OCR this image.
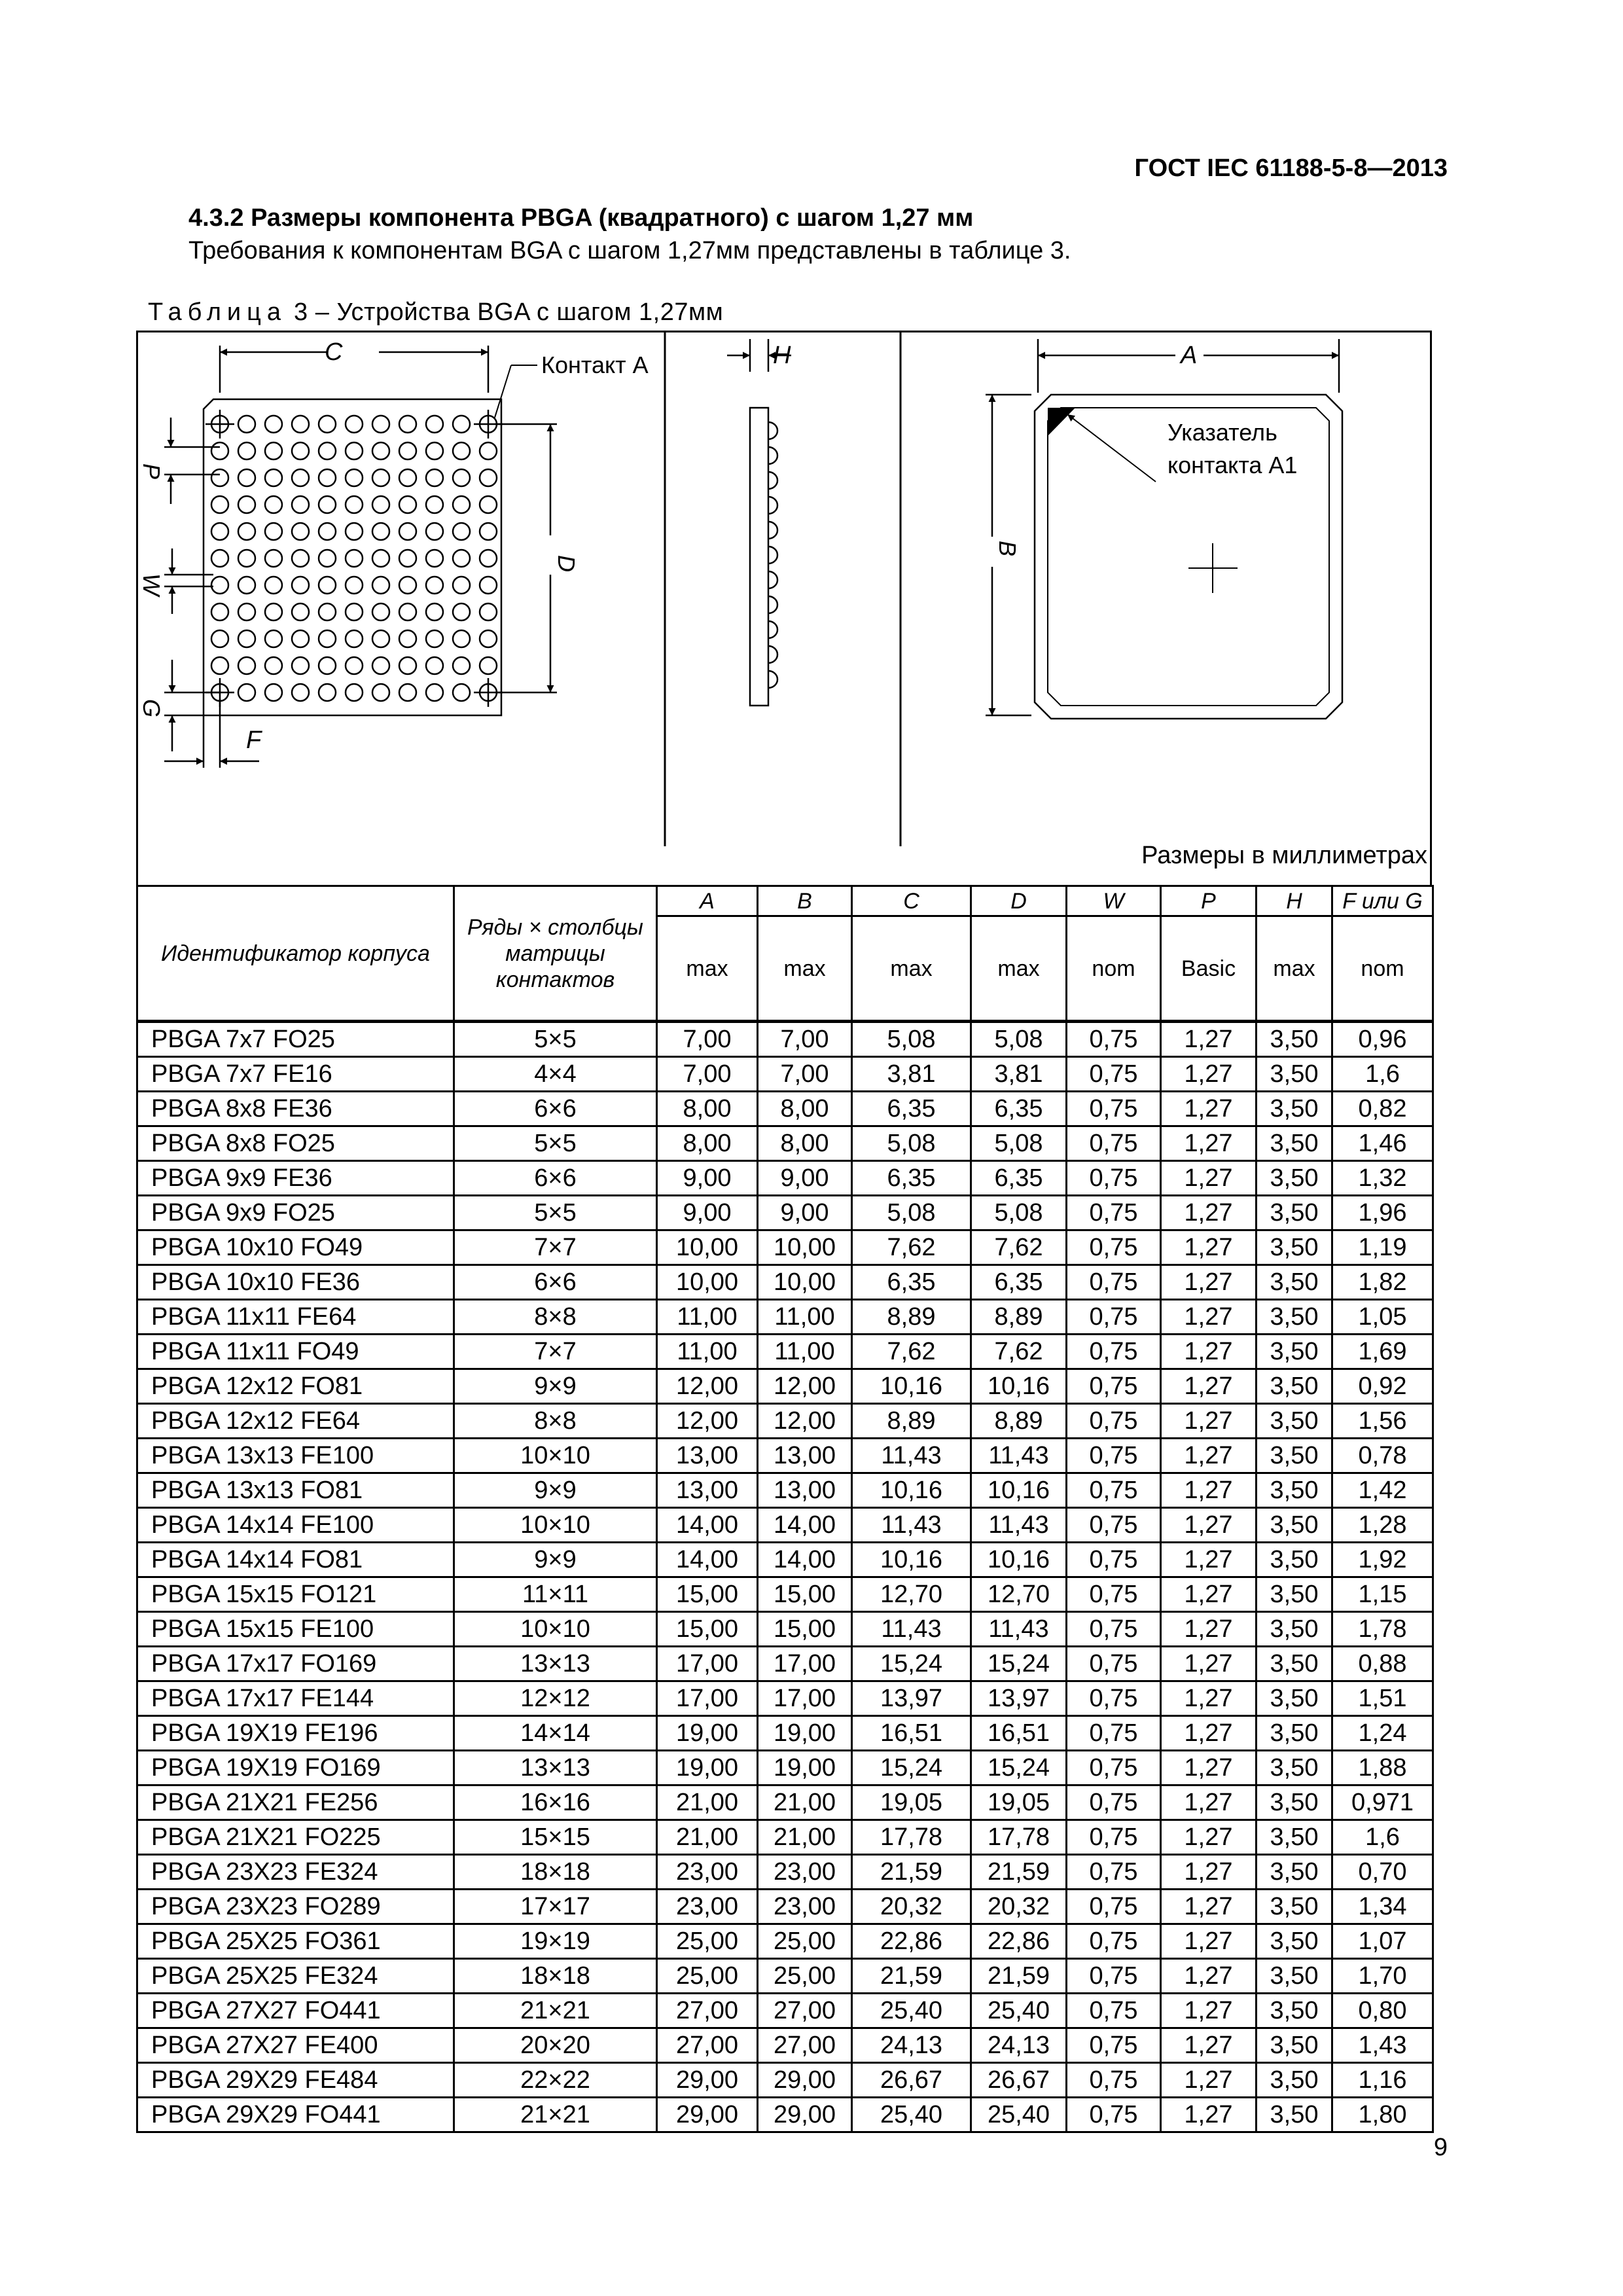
ГОСТ IEC 61188-5-8—2013
4.3.2 Размеры компонента PBGA (квадратного) с шагом 1,27 мм
Требования к компонентам BGA с шагом 1,27мм представлены в таблице 3.
Таблица 3 – Устройства BGA с шагом 1,27мм
C	Контакт A
D
P
W
G
F
H
Указатель
контакта A1
A
B
Размеры в миллиметрах
Идентификатор корпуса	Ряды × столбцы матрицы контактов	A	B	C	D	W	P	H	F или G
		max	max	max	max	nom	Basic	max	nom
PBGA 7x7 FO25	5×5	7,00	7,00	5,08	5,08	0,75	1,27	3,50	0,96
PBGA 7x7 FE16	4×4	7,00	7,00	3,81	3,81	0,75	1,27	3,50	1,6
PBGA 8x8 FE36	6×6	8,00	8,00	6,35	6,35	0,75	1,27	3,50	0,82
PBGA 8x8 FO25	5×5	8,00	8,00	5,08	5,08	0,75	1,27	3,50	1,46
PBGA 9x9 FE36	6×6	9,00	9,00	6,35	6,35	0,75	1,27	3,50	1,32
PBGA 9x9 FO25	5×5	9,00	9,00	5,08	5,08	0,75	1,27	3,50	1,96
PBGA 10x10 FO49	7×7	10,00	10,00	7,62	7,62	0,75	1,27	3,50	1,19
PBGA 10x10 FE36	6×6	10,00	10,00	6,35	6,35	0,75	1,27	3,50	1,82
PBGA 11x11 FE64	8×8	11,00	11,00	8,89	8,89	0,75	1,27	3,50	1,05
PBGA 11x11 FO49	7×7	11,00	11,00	7,62	7,62	0,75	1,27	3,50	1,69
PBGA 12x12 FO81	9×9	12,00	12,00	10,16	10,16	0,75	1,27	3,50	0,92
PBGA 12x12 FE64	8×8	12,00	12,00	8,89	8,89	0,75	1,27	3,50	1,56
PBGA 13x13 FE100	10×10	13,00	13,00	11,43	11,43	0,75	1,27	3,50	0,78
PBGA 13x13 FO81	9×9	13,00	13,00	10,16	10,16	0,75	1,27	3,50	1,42
PBGA 14x14 FE100	10×10	14,00	14,00	11,43	11,43	0,75	1,27	3,50	1,28
PBGA 14x14 FO81	9×9	14,00	14,00	10,16	10,16	0,75	1,27	3,50	1,92
PBGA 15x15 FO121	11×11	15,00	15,00	12,70	12,70	0,75	1,27	3,50	1,15
PBGA 15x15 FE100	10×10	15,00	15,00	11,43	11,43	0,75	1,27	3,50	1,78
PBGA 17x17 FO169	13×13	17,00	17,00	15,24	15,24	0,75	1,27	3,50	0,88
PBGA 17x17 FE144	12×12	17,00	17,00	13,97	13,97	0,75	1,27	3,50	1,51
PBGA 19X19 FE196	14×14	19,00	19,00	16,51	16,51	0,75	1,27	3,50	1,24
PBGA 19X19 FO169	13×13	19,00	19,00	15,24	15,24	0,75	1,27	3,50	1,88
PBGA 21X21 FE256	16×16	21,00	21,00	19,05	19,05	0,75	1,27	3,50	0,971
PBGA 21X21 FO225	15×15	21,00	21,00	17,78	17,78	0,75	1,27	3,50	1,6
PBGA 23X23 FE324	18×18	23,00	23,00	21,59	21,59	0,75	1,27	3,50	0,70
PBGA 23X23 FO289	17×17	23,00	23,00	20,32	20,32	0,75	1,27	3,50	1,34
PBGA 25X25 FO361	19×19	25,00	25,00	22,86	22,86	0,75	1,27	3,50	1,07
PBGA 25X25 FE324	18×18	25,00	25,00	21,59	21,59	0,75	1,27	3,50	1,70
PBGA 27X27 FO441	21×21	27,00	27,00	25,40	25,40	0,75	1,27	3,50	0,80
PBGA 27X27 FE400	20×20	27,00	27,00	24,13	24,13	0,75	1,27	3,50	1,43
PBGA 29X29 FE484	22×22	29,00	29,00	26,67	26,67	0,75	1,27	3,50	1,16
PBGA 29X29 FO441	21×21	29,00	29,00	25,40	25,40	0,75	1,27	3,50	1,80
9
